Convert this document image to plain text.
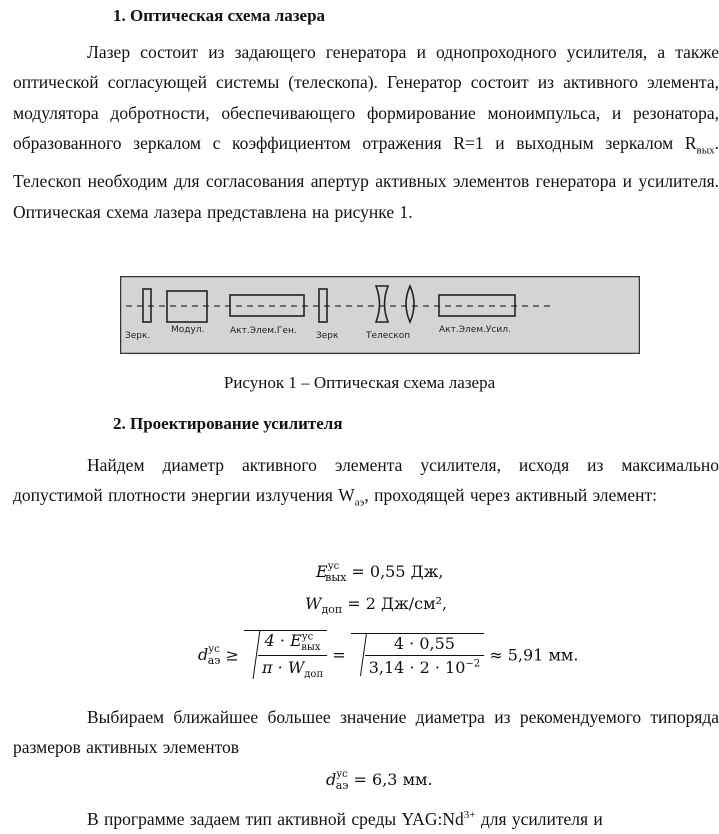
1. Оптическая схема лазера
Лазер состоит из задающего генератора и однопроходного усилителя, а также оптической согласующей системы (телескопа). Генератор состоит из активного элемента, модулятора добротности, обеспечивающего формирование моноимпульса, и резонатора, образованного зеркалом с коэффициентом отражения R=1 и выходным зеркалом $R_{вых}$. Телескоп необходим для согласования апертур активных элементов генератора и усилителя. Оптическая схема лазера представлена на рисунке 1.
Зерк.
Модул.	Акт.Элем.Ген. Зерк	Телескоп
Акт.Элем.Усил.
Рисунок 1 – Оптическая схема лазера
2. Проектирование усилителя
Найдем диаметр активного элемента усилителя, исходя из максимально допустимой плотности энергии излучения $W_{аэ}$, проходящей через активный элемент:
$E^{ус}_{вых} = 0,55$ Дж,
$W_{доп} = 2$ Дж/см²,
$d^{ус}_{аэ} \ge \frac{4 \cdot E^{ус}_{вых}}{\pi \cdot W_{доп}} = \frac{4 \cdot 0,55}{3,14 \cdot 2 \cdot 10^{-2}} \approx 5,91$ мм.
Выбираем ближайшее большее значение диаметра из рекомендуемого типоряда размеров активных элементов
$d^{ус}_{аэ} = 6,3$ мм.
В программе задаем тип активной среды $YAG:Nd^{3+}$ для усилителя и
